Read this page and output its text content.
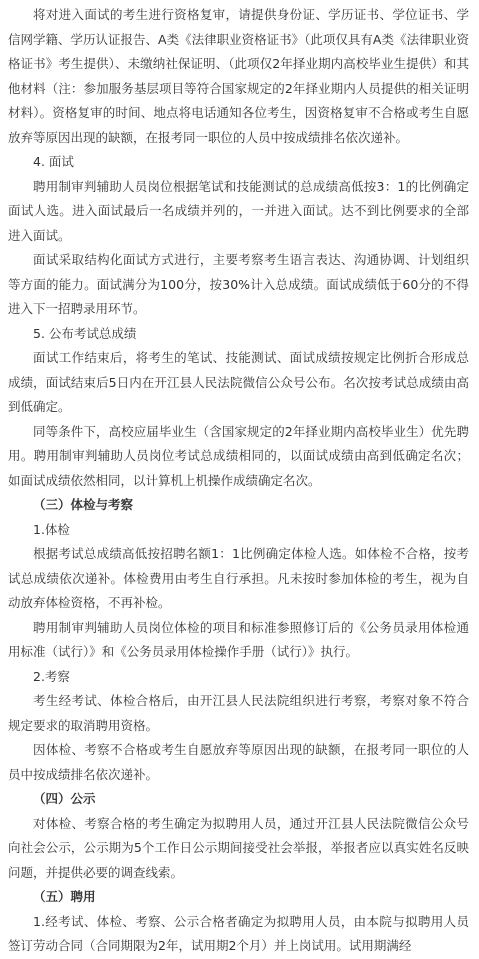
将对进入面试的考生进行资格复审，请提供身份证、学历证书、学位证书、学信网学籍、学历认证报告、A类《法律职业资格证书》（此项仅具有A类《法律职业资格证书》考生提供）、未缴纳社保证明、（此项仅2年择业期内高校毕业生提供）和其他材料（注：参加服务基层项目等符合国家规定的2年择业期内人员提供的相关证明材料）。资格复审的时间、地点将电话通知各位考生，因资格复审不合格或考生自愿放弃等原因出现的缺额，在报考同一职位的人员中按成绩排名依次递补。

4. 面试

聘用制审判辅助人员岗位根据笔试和技能测试的总成绩高低按3：1的比例确定面试人选。进入面试最后一名成绩并列的，一并进入面试。达不到比例要求的全部进入面试。

面试采取结构化面试方式进行，主要考察考生语言表达、沟通协调、计划组织等方面的能力。面试满分为100分，按30%计入总成绩。面试成绩低于60分的不得进入下一招聘录用环节。

5. 公布考试总成绩

面试工作结束后，将考生的笔试、技能测试、面试成绩按规定比例折合形成总成绩，面试结束后5日内在开江县人民法院微信公众号公布。名次按考试总成绩由高到低确定。

同等条件下，高校应届毕业生（含国家规定的2年择业期内高校毕业生）优先聘用。聘用制审判辅助人员岗位考试总成绩相同的，以面试成绩由高到低确定名次；如面试成绩依然相同，以计算机上机操作成绩确定名次。

（三）体检与考察

1.体检

根据考试总成绩高低按招聘名额1：1比例确定体检人选。如体检不合格，按考试总成绩依次递补。体检费用由考生自行承担。凡未按时参加体检的考生，视为自动放弃体检资格，不再补检。

聘用制审判辅助人员岗位体检的项目和标准参照修订后的《公务员录用体检通用标准（试行）》和《公务员录用体检操作手册（试行）》执行。

2.考察

考生经考试、体检合格后，由开江县人民法院组织进行考察，考察对象不符合规定要求的取消聘用资格。

因体检、考察不合格或考生自愿放弃等原因出现的缺额，在报考同一职位的人员中按成绩排名依次递补。

（四）公示

对体检、考察合格的考生确定为拟聘用人员，通过开江县人民法院微信公众号向社会公示，公示期为5个工作日公示期间接受社会举报，举报者应以真实姓名反映问题，并提供必要的调查线索。

（五）聘用

1.经考试、体检、考察、公示合格者确定为拟聘用人员，由本院与拟聘用人员签订劳动合同（合同期限为2年，试用期2个月）并上岗试用。试用期满经
